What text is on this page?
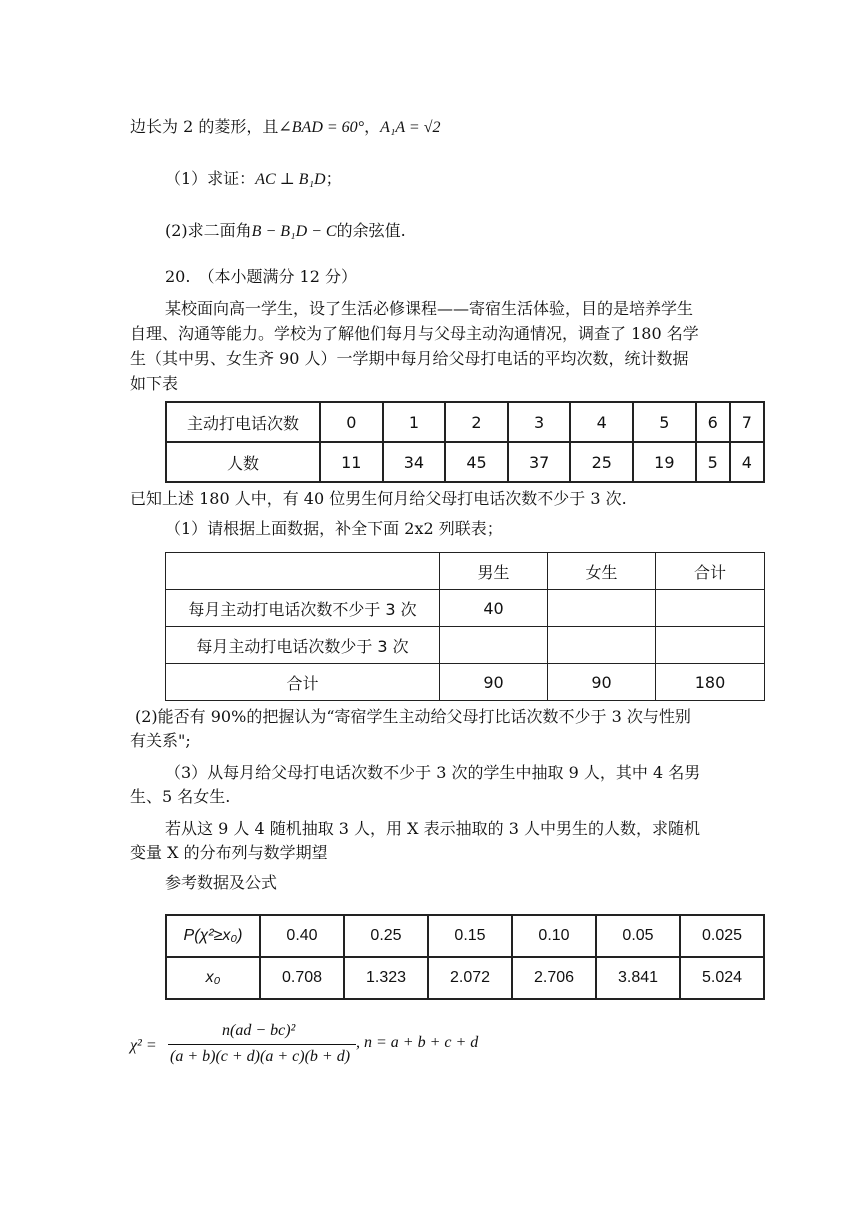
边长为 2 的菱形，且∠BAD = 60°，A₁A = √2
（1）求证：AC ⊥ B₁D；
(2)求二面角B − B₁D − C的余弦值.
20.　（本小题满分 12 分）
某校面向高一学生，设了生活必修课程——寄宿生活体验，目的是培养学生
自理、沟通等能力。学校为了解他们每月与父母主动沟通情况，调查了 180 名学
生（其中男、女生齐 90 人）一学期中每月给父母打电话的平均次数，统计数据
如下表
主动打电话次数	0	1	2	3	4	5	6	7
人数	11	34	45	37	25	19	5	4
已知上述 180 人中，有 40 位男生何月给父母打电话次数不少于 3 次.
（1）请根据上面数据，补全下面 2x2 列联表；
	男生	女生	合计
每月主动打电话次数不少于 3 次	40		
每月主动打电话次数少于 3 次			
合计	90	90	180
(2)能否有 90%的把握认为“寄宿学生主动给父母打比话次数不少于 3 次与性别
有关系";
（3）从每月给父母打电话次数不少于 3 次的学生中抽取 9 人，其中 4 名男
生、5 名女生.
若从这 9 人 4 随机抽取 3 人，用 X 表示抽取的 3 人中男生的人数，求随机
变量 X 的分布列与数学期望
参考数据及公式
P(χ²≥x₀)	0.40	0.25	0.15	0.10	0.05	0.025
x₀	0.708	1.323	2.072	2.706	3.841	5.024
χ² =
n(ad − bc)²
(a + b)(c + d)(a + c)(b + d)
, n = a + b + c + d
